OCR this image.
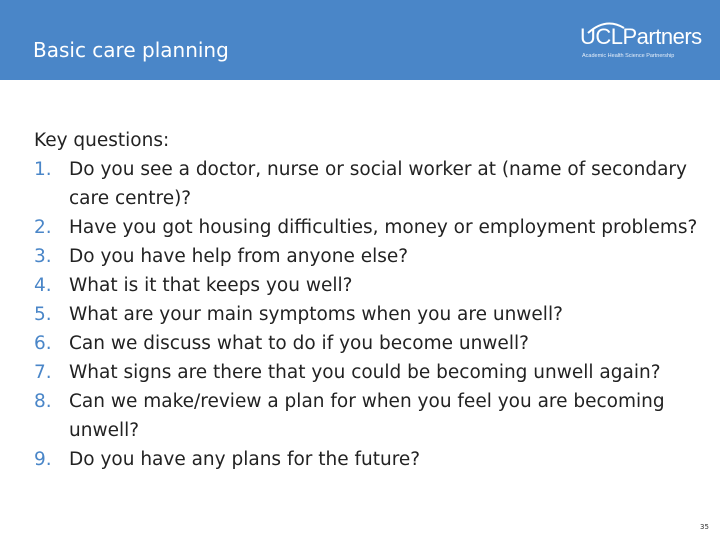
Basic care planning
UCLPartners
Academic Health Science Partnership

Key questions:

1. Do you see a doctor, nurse or social worker at (name of secondary care centre)?
2. Have you got housing difficulties, money or employment problems?
3. Do you have help from anyone else?
4. What is it that keeps you well?
5. What are your main symptoms when you are unwell?
6. Can we discuss what to do if you become unwell?
7. What signs are there that you could be becoming unwell again?
8. Can we make/review a plan for when you feel you are becoming unwell?
9. Do you have any plans for the future?
35
